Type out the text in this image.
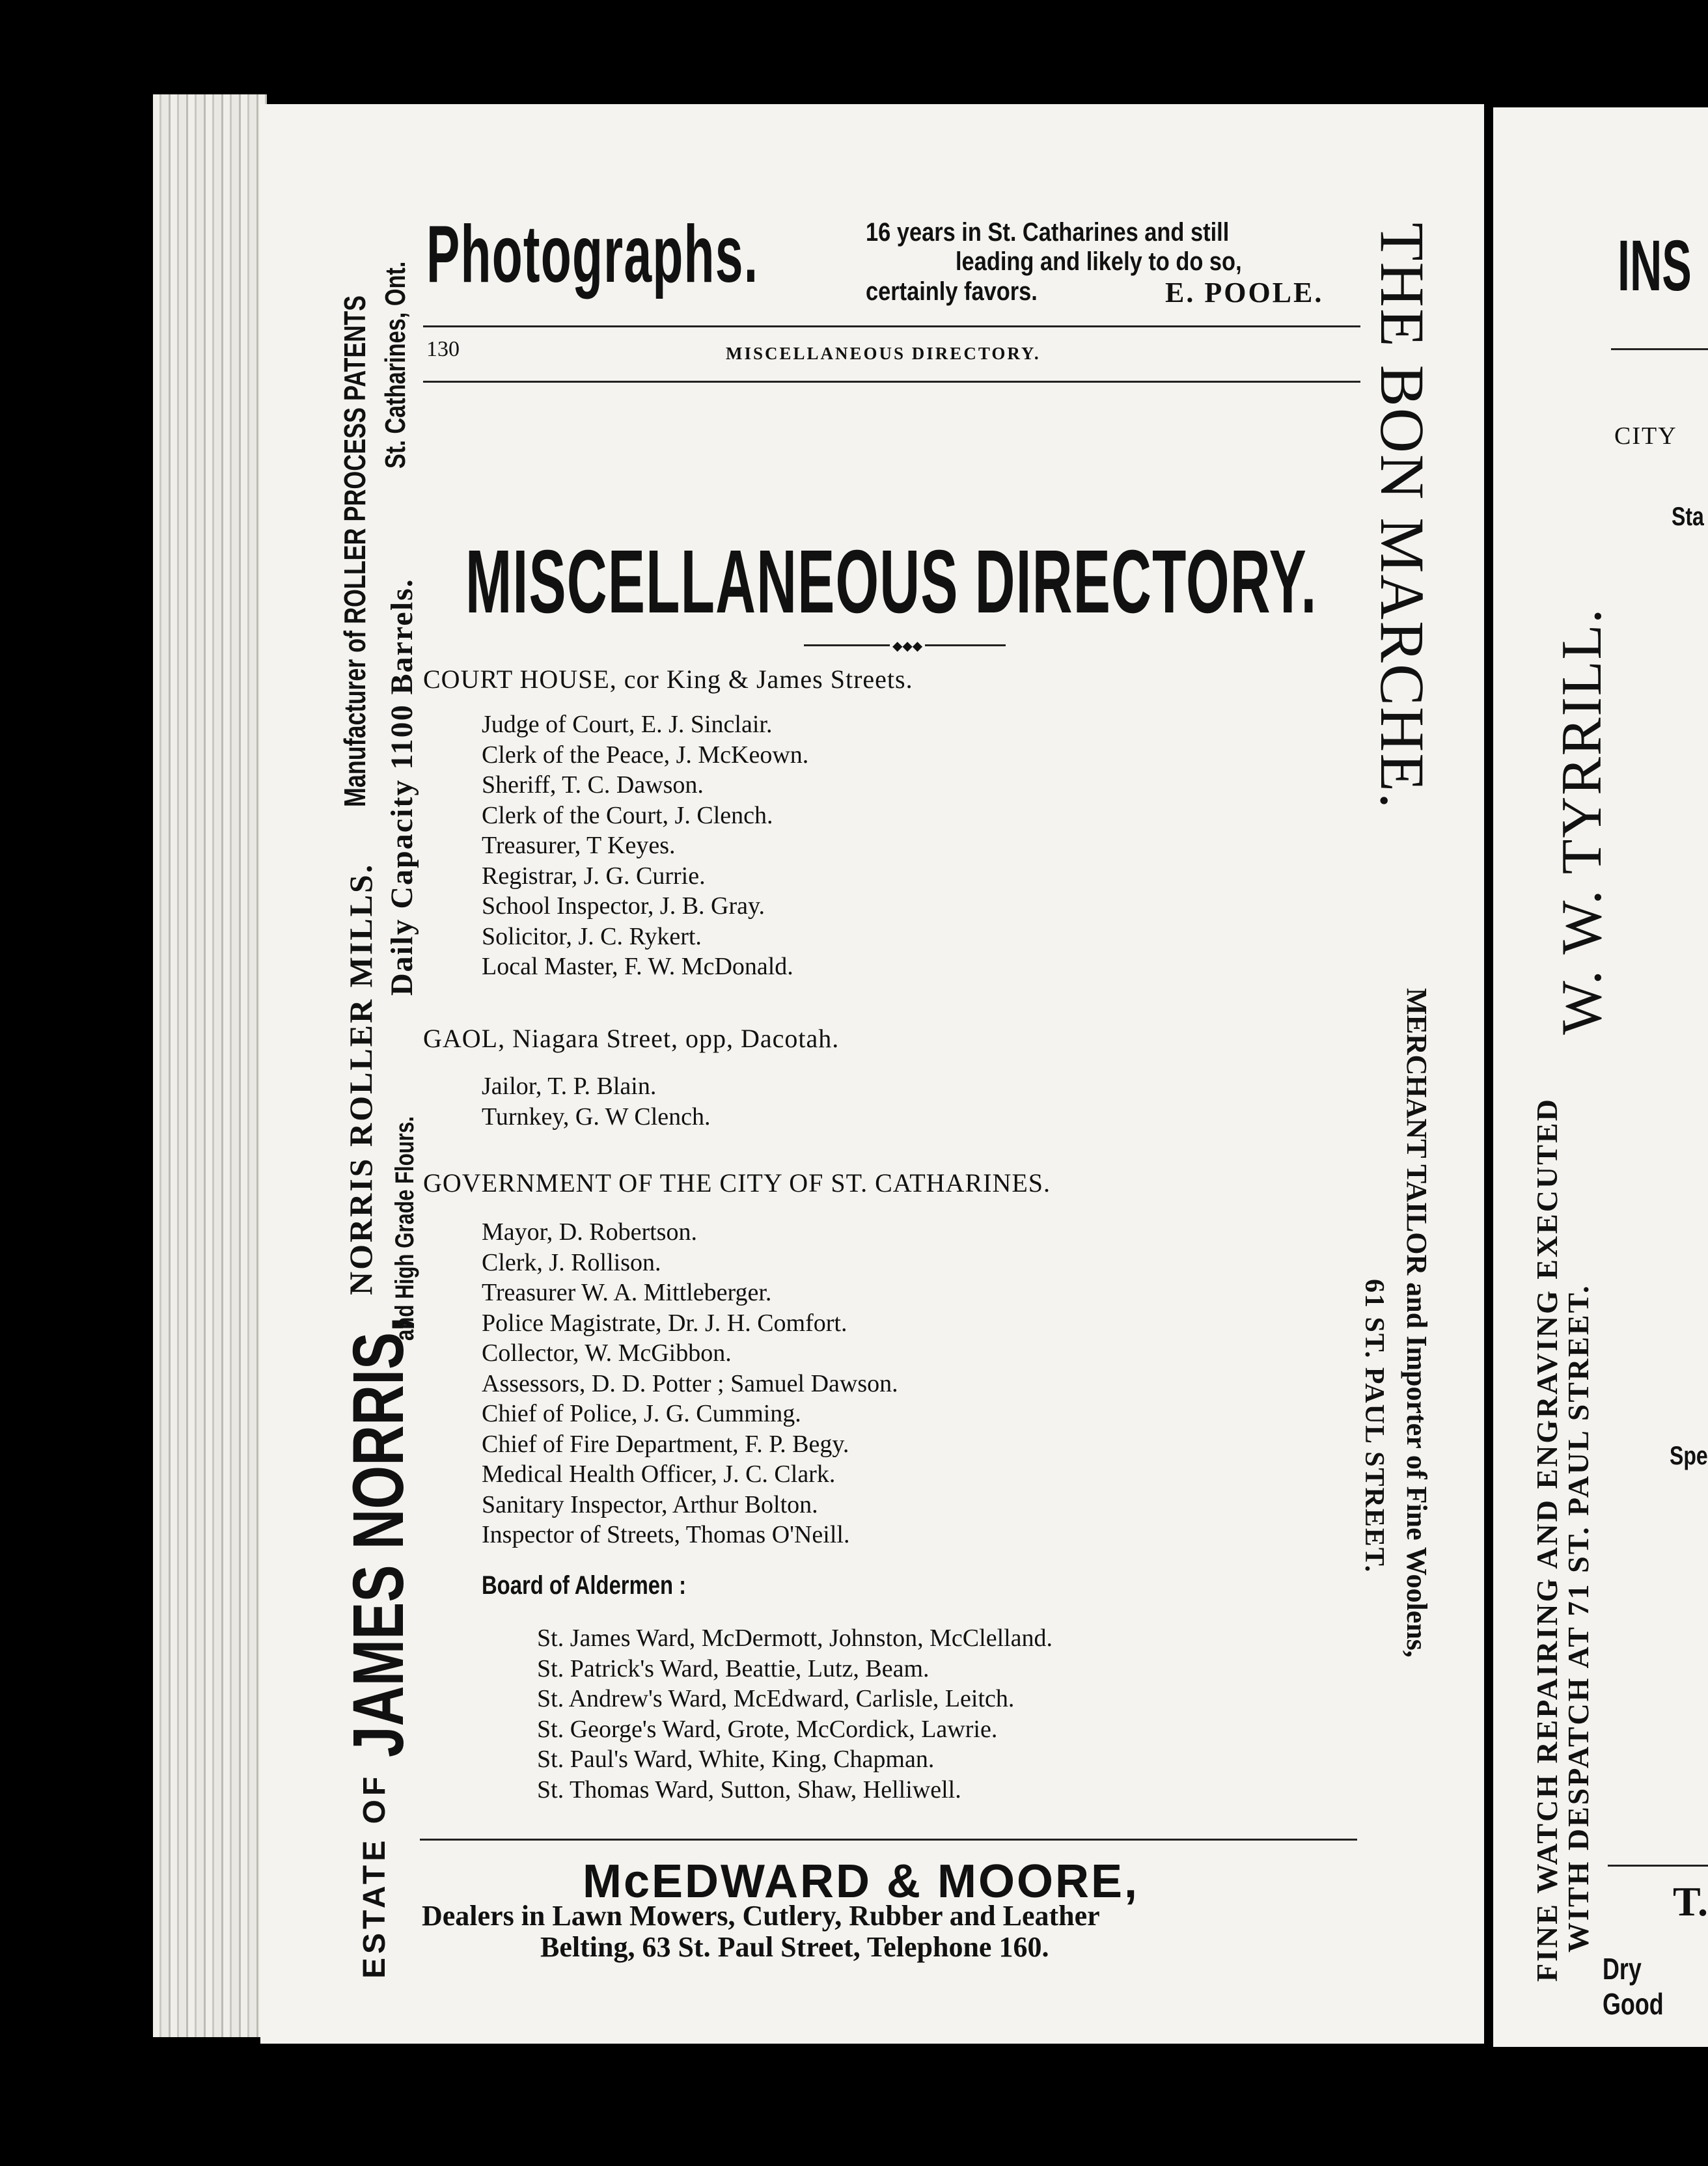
ESTATE OF
JAMES NORRIS,
and High Grade Flours.
NORRIS ROLLER MILLS.
Daily Capacity 1100 Barrels.
Manufacturer of ROLLER PROCESS PATENTS St. Catharines, Ont.
Photographs.	16 years in St. Catharines and still
leading and likely to do so,
certainly favors.	E. POOLE.
130	MISCELLANEOUS DIRECTORY.
MISCELLANEOUS DIRECTORY.
◆◆◆
COURT HOUSE, cor King & James Streets.
Judge of Court, E. J. Sinclair.
Clerk of the Peace, J. McKeown.
Sheriff, T. C. Dawson.
Clerk of the Court, J. Clench.
Treasurer, T Keyes.
Registrar, J. G. Currie.
School Inspector, J. B. Gray.
Solicitor, J. C. Rykert.
Local Master, F. W. McDonald.
GAOL, Niagara Street, opp, Dacotah.
Jailor, T. P. Blain.
Turnkey, G. W Clench.
GOVERNMENT OF THE CITY OF ST. CATHARINES.
Mayor, D. Robertson.
Clerk, J. Rollison.
Treasurer W. A. Mittleberger.
Police Magistrate, Dr. J. H. Comfort.
Collector, W. McGibbon.
Assessors, D. D. Potter ; Samuel Dawson.
Chief of Police, J. G. Cumming.
Chief of Fire Department, F. P. Begy.
Medical Health Officer, J. C. Clark.
Sanitary Inspector, Arthur Bolton.
Inspector of Streets, Thomas O'Neill.
Board of Aldermen :
St. James Ward, McDermott, Johnston, McClelland.
St. Patrick's Ward, Beattie, Lutz, Beam.
St. Andrew's Ward, McEdward, Carlisle, Leitch.
St. George's Ward, Grote, McCordick, Lawrie.
St. Paul's Ward, White, King, Chapman.
St. Thomas Ward, Sutton, Shaw, Helliwell.
McEDWARD & MOORE,
Dealers in Lawn Mowers, Cutlery, Rubber and Leather
Belting, 63 St. Paul Street, Telephone 160.
THE BON MARCHE.
MERCHANT TAILOR and Importer of Fine Woolens,
61 ST. PAUL STREET.
INS
CITY
Sta
Spe
T.
Dry Good
W. W. TYRRILL.
FINE WATCH REPAIRING AND ENGRAVING EXECUTED
WITH DESPATCH AT 71 ST. PAUL STREET.
